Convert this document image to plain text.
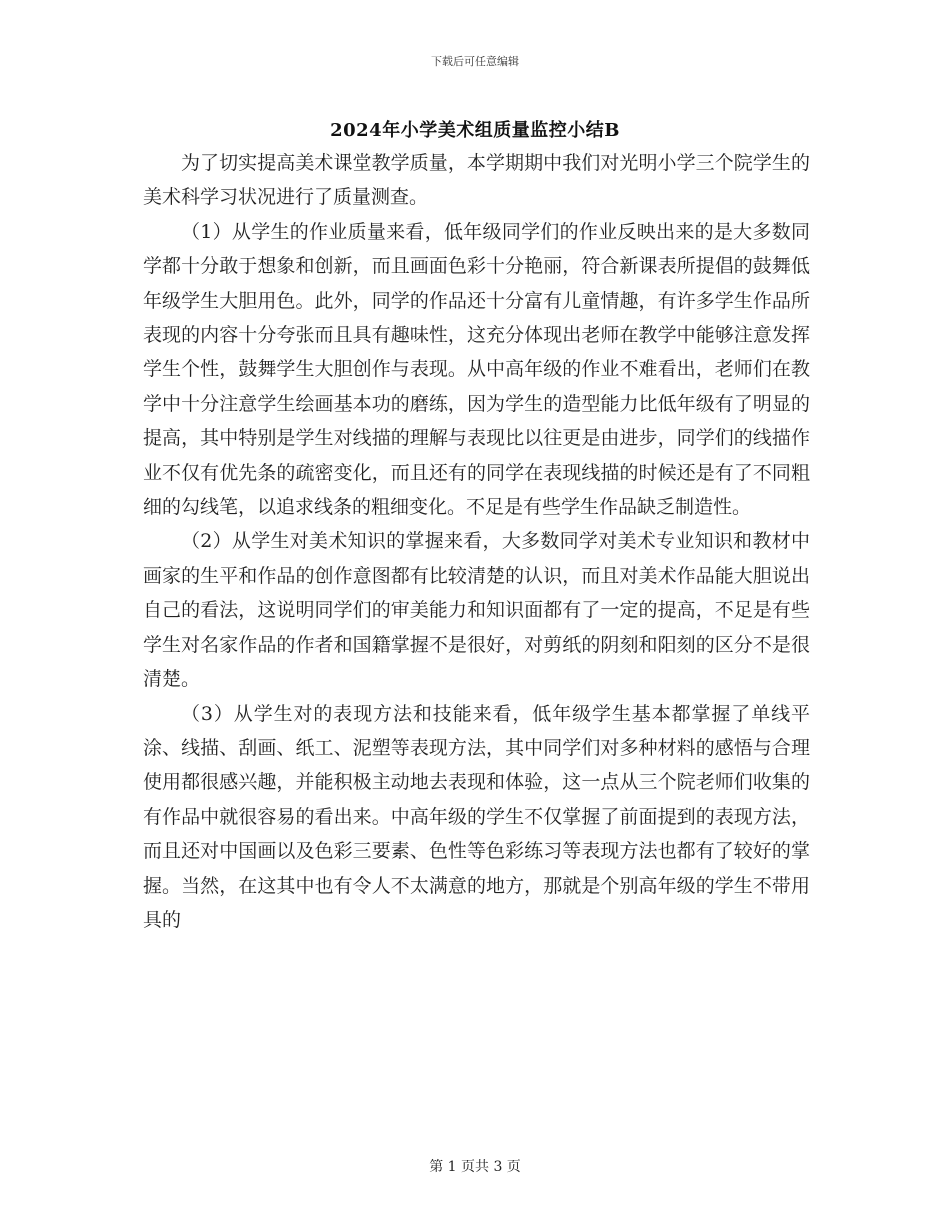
下载后可任意编辑
2024年小学美术组质量监控小结B

为了切实提高美术课堂教学质量，本学期期中我们对光明小学三个院学生的美术科学习状况进行了质量测查。

（1）从学生的作业质量来看，低年级同学们的作业反映出来的是大多数同学都十分敢于想象和创新，而且画面色彩十分艳丽，符合新课表所提倡的鼓舞低年级学生大胆用色。此外，同学的作品还十分富有儿童情趣，有许多学生作品所表现的内容十分夸张而且具有趣味性，这充分体现出老师在教学中能够注意发挥学生个性，鼓舞学生大胆创作与表现。从中高年级的作业不难看出，老师们在教学中十分注意学生绘画基本功的磨练，因为学生的造型能力比低年级有了明显的提高，其中特别是学生对线描的理解与表现比以往更是由进步，同学们的线描作业不仅有优先条的疏密变化，而且还有的同学在表现线描的时候还是有了不同粗细的勾线笔，以追求线条的粗细变化。不足是有些学生作品缺乏制造性。

（2）从学生对美术知识的掌握来看，大多数同学对美术专业知识和教材中画家的生平和作品的创作意图都有比较清楚的认识，而且对美术作品能大胆说出自己的看法，这说明同学们的审美能力和知识面都有了一定的提高，不足是有些学生对名家作品的作者和国籍掌握不是很好，对剪纸的阴刻和阳刻的区分不是很清楚。

（3）从学生对的表现方法和技能来看，低年级学生基本都掌握了单线平涂、线描、刮画、纸工、泥塑等表现方法，其中同学们对多种材料的感悟与合理使用都很感兴趣，并能积极主动地去表现和体验，这一点从三个院老师们收集的有作品中就很容易的看出来。中高年级的学生不仅掌握了前面提到的表现方法，而且还对中国画以及色彩三要素、色性等色彩练习等表现方法也都有了较好的掌握。当然，在这其中也有令人不太满意的地方，那就是个别高年级的学生不带用具的

第 1 页共 3 页
